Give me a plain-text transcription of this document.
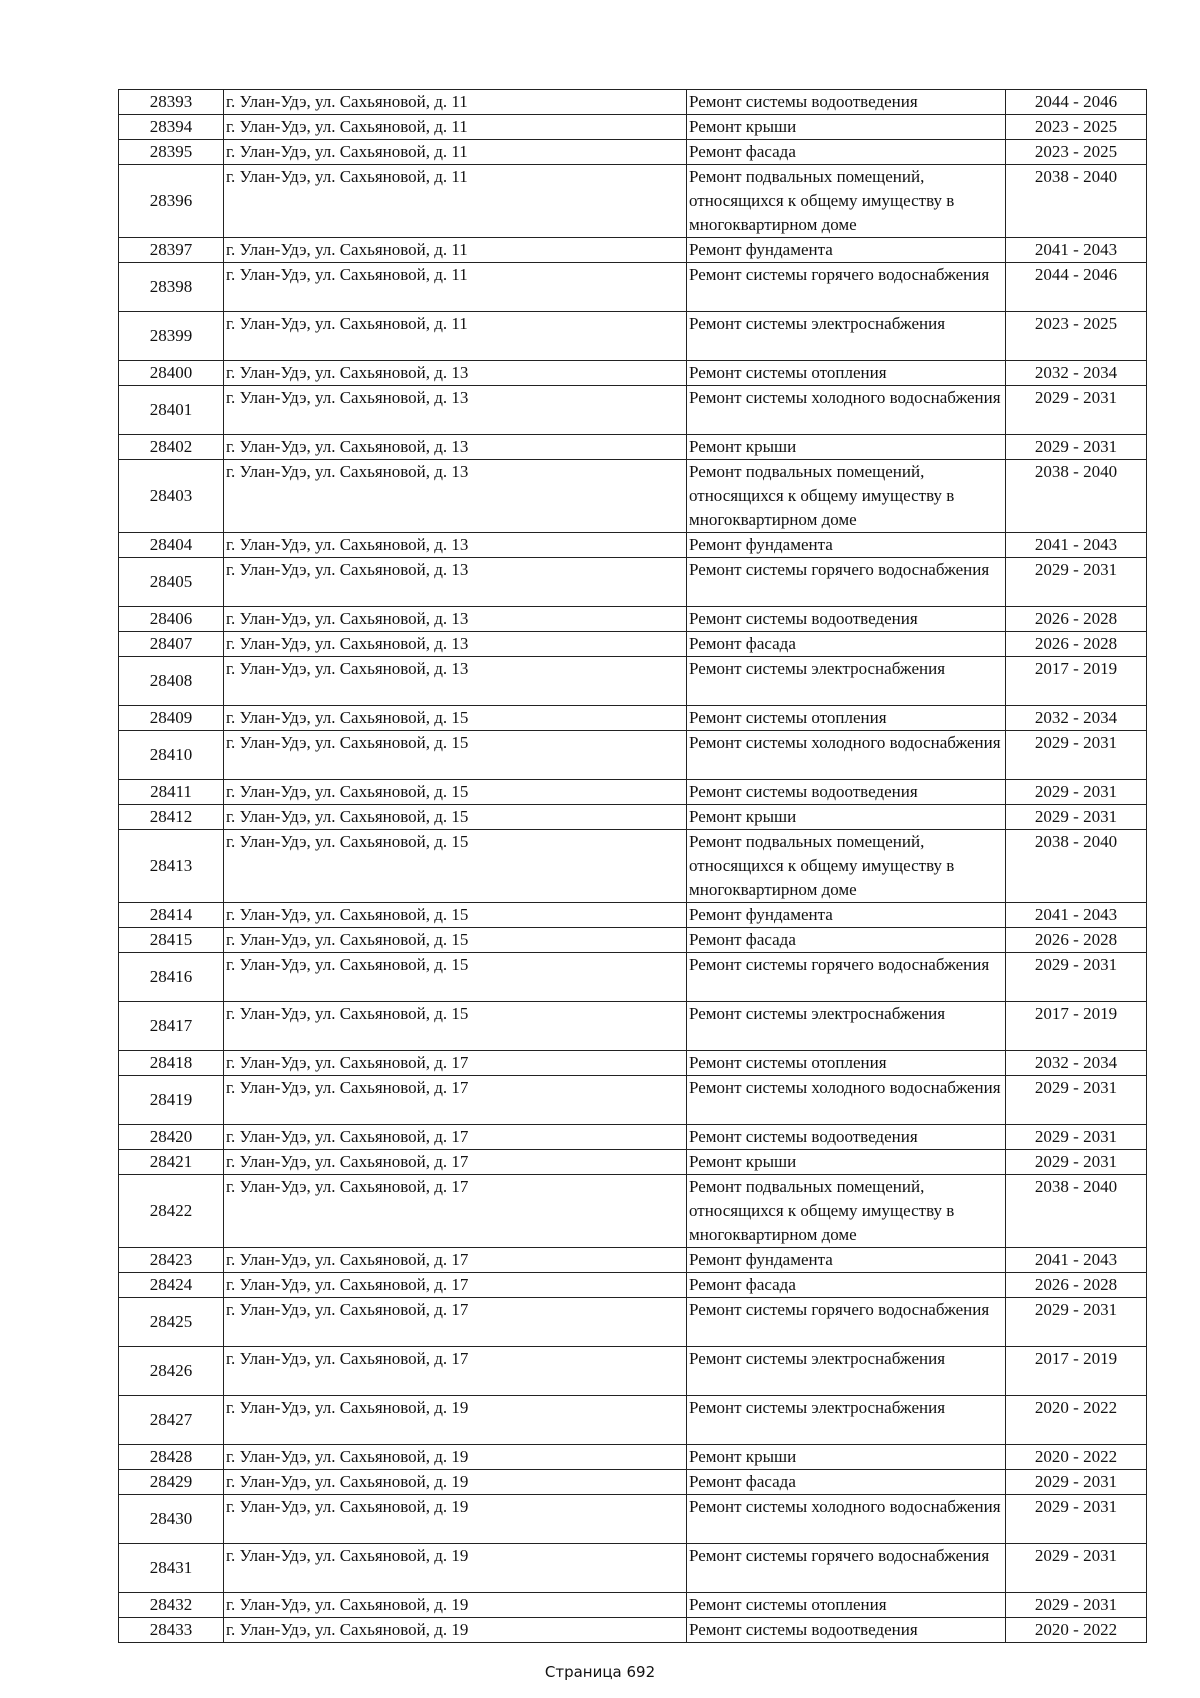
28393	г. Улан-Удэ, ул. Сахьяновой, д. 11	Ремонт системы водоотведения	2044 - 2046
28394	г. Улан-Удэ, ул. Сахьяновой, д. 11	Ремонт крыши	2023 - 2025
28395	г. Улан-Удэ, ул. Сахьяновой, д. 11	Ремонт фасада	2023 - 2025
28396	г. Улан-Удэ, ул. Сахьяновой, д. 11	Ремонт подвальных помещений, относящихся к общему имуществу в многоквартирном доме	2038 - 2040
28397	г. Улан-Удэ, ул. Сахьяновой, д. 11	Ремонт фундамента	2041 - 2043
28398	г. Улан-Удэ, ул. Сахьяновой, д. 11	Ремонт системы горячего водоснабжения	2044 - 2046
28399	г. Улан-Удэ, ул. Сахьяновой, д. 11	Ремонт системы электроснабжения	2023 - 2025
28400	г. Улан-Удэ, ул. Сахьяновой, д. 13	Ремонт системы отопления	2032 - 2034
28401	г. Улан-Удэ, ул. Сахьяновой, д. 13	Ремонт системы холодного водоснабжения	2029 - 2031
28402	г. Улан-Удэ, ул. Сахьяновой, д. 13	Ремонт крыши	2029 - 2031
28403	г. Улан-Удэ, ул. Сахьяновой, д. 13	Ремонт подвальных помещений, относящихся к общему имуществу в многоквартирном доме	2038 - 2040
28404	г. Улан-Удэ, ул. Сахьяновой, д. 13	Ремонт фундамента	2041 - 2043
28405	г. Улан-Удэ, ул. Сахьяновой, д. 13	Ремонт системы горячего водоснабжения	2029 - 2031
28406	г. Улан-Удэ, ул. Сахьяновой, д. 13	Ремонт системы водоотведения	2026 - 2028
28407	г. Улан-Удэ, ул. Сахьяновой, д. 13	Ремонт фасада	2026 - 2028
28408	г. Улан-Удэ, ул. Сахьяновой, д. 13	Ремонт системы электроснабжения	2017 - 2019
28409	г. Улан-Удэ, ул. Сахьяновой, д. 15	Ремонт системы отопления	2032 - 2034
28410	г. Улан-Удэ, ул. Сахьяновой, д. 15	Ремонт системы холодного водоснабжения	2029 - 2031
28411	г. Улан-Удэ, ул. Сахьяновой, д. 15	Ремонт системы водоотведения	2029 - 2031
28412	г. Улан-Удэ, ул. Сахьяновой, д. 15	Ремонт крыши	2029 - 2031
28413	г. Улан-Удэ, ул. Сахьяновой, д. 15	Ремонт подвальных помещений, относящихся к общему имуществу в многоквартирном доме	2038 - 2040
28414	г. Улан-Удэ, ул. Сахьяновой, д. 15	Ремонт фундамента	2041 - 2043
28415	г. Улан-Удэ, ул. Сахьяновой, д. 15	Ремонт фасада	2026 - 2028
28416	г. Улан-Удэ, ул. Сахьяновой, д. 15	Ремонт системы горячего водоснабжения	2029 - 2031
28417	г. Улан-Удэ, ул. Сахьяновой, д. 15	Ремонт системы электроснабжения	2017 - 2019
28418	г. Улан-Удэ, ул. Сахьяновой, д. 17	Ремонт системы отопления	2032 - 2034
28419	г. Улан-Удэ, ул. Сахьяновой, д. 17	Ремонт системы холодного водоснабжения	2029 - 2031
28420	г. Улан-Удэ, ул. Сахьяновой, д. 17	Ремонт системы водоотведения	2029 - 2031
28421	г. Улан-Удэ, ул. Сахьяновой, д. 17	Ремонт крыши	2029 - 2031
28422	г. Улан-Удэ, ул. Сахьяновой, д. 17	Ремонт подвальных помещений, относящихся к общему имуществу в многоквартирном доме	2038 - 2040
28423	г. Улан-Удэ, ул. Сахьяновой, д. 17	Ремонт фундамента	2041 - 2043
28424	г. Улан-Удэ, ул. Сахьяновой, д. 17	Ремонт фасада	2026 - 2028
28425	г. Улан-Удэ, ул. Сахьяновой, д. 17	Ремонт системы горячего водоснабжения	2029 - 2031
28426	г. Улан-Удэ, ул. Сахьяновой, д. 17	Ремонт системы электроснабжения	2017 - 2019
28427	г. Улан-Удэ, ул. Сахьяновой, д. 19	Ремонт системы электроснабжения	2020 - 2022
28428	г. Улан-Удэ, ул. Сахьяновой, д. 19	Ремонт крыши	2020 - 2022
28429	г. Улан-Удэ, ул. Сахьяновой, д. 19	Ремонт фасада	2029 - 2031
28430	г. Улан-Удэ, ул. Сахьяновой, д. 19	Ремонт системы холодного водоснабжения	2029 - 2031
28431	г. Улан-Удэ, ул. Сахьяновой, д. 19	Ремонт системы горячего водоснабжения	2029 - 2031
28432	г. Улан-Удэ, ул. Сахьяновой, д. 19	Ремонт системы отопления	2029 - 2031
28433	г. Улан-Удэ, ул. Сахьяновой, д. 19	Ремонт системы водоотведения	2020 - 2022
Страница 692
